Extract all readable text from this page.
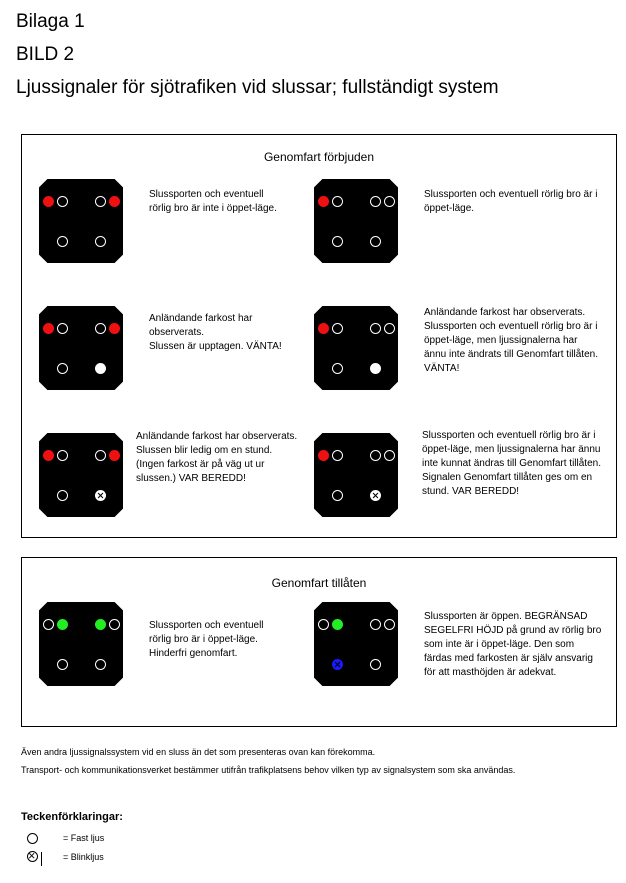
Bilaga 1
BILD 2
Ljussignaler för sjötrafiken vid slussar; fullständigt system
Genomfart förbjuden
Slussporten och eventuell
rörlig bro är inte i öppet-läge.
Slussporten och eventuell rörlig bro är i
öppet-läge.
Anländande farkost har
observerats.
Slussen är upptagen. VÄNTA!
Anländande farkost har observerats.
Slussporten och eventuell rörlig bro är i
öppet-läge, men ljussignalerna har
ännu inte ändrats till Genomfart tillåten.
VÄNTA!
Anländande farkost har observerats.
Slussen blir ledig om en stund.
(Ingen farkost är på väg ut ur
slussen.) VAR BEREDD!
Slussporten och eventuell rörlig bro är i
öppet-läge, men ljussignalerna har ännu
inte kunnat ändras till Genomfart tillåten.
Signalen Genomfart tillåten ges om en
stund. VAR BEREDD!
Genomfart tillåten
Slussporten och eventuell
rörlig bro är i öppet-läge.
Hinderfri genomfart.
Slussporten är öppen. BEGRÄNSAD
SEGELFRI HÖJD på grund av rörlig bro
som inte är i öppet-läge. Den som
färdas med farkosten är själv ansvarig
för att masthöjden är adekvat.
Även andra ljussignalssystem vid en sluss än det som presenteras ovan kan förekomma.
Transport- och kommunikationsverket bestämmer utifrån trafikplatsens behov vilken typ av signalsystem som ska användas.
Teckenförklaringar:
= Fast ljus
= Blinkljus
